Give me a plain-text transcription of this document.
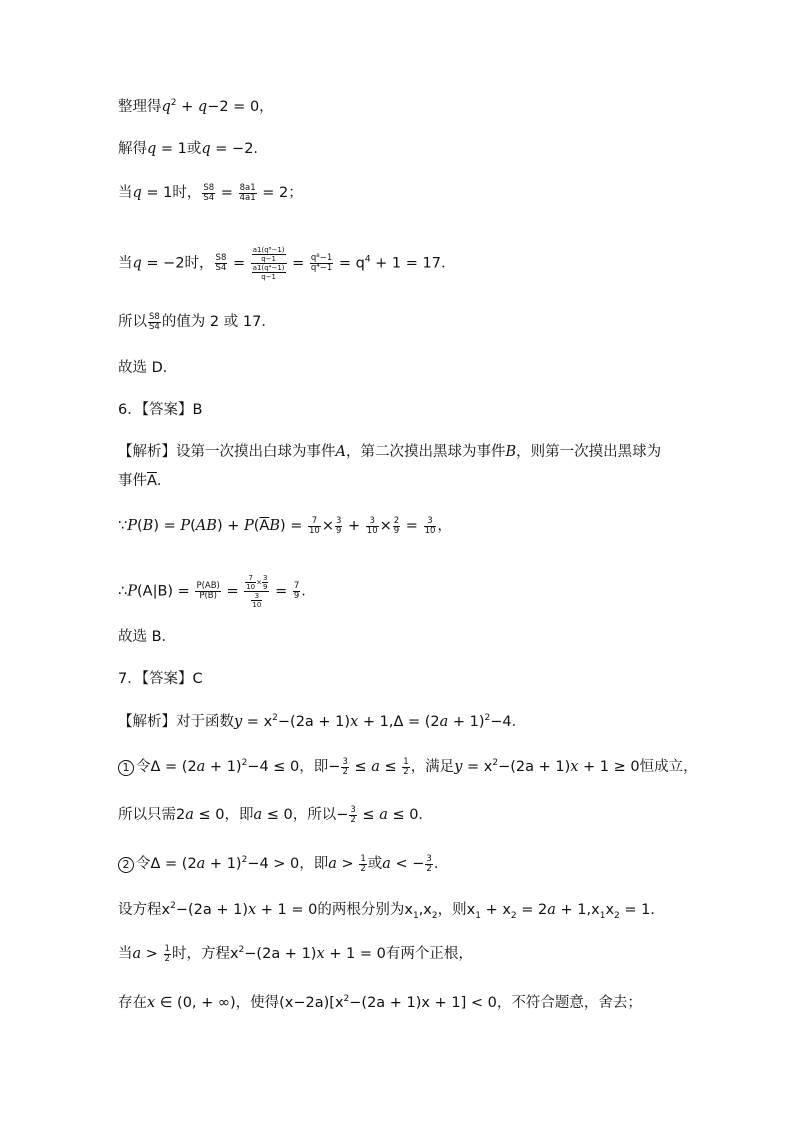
整理得$q^2 + q-2 = 0$，
解得q = 1或q = −2．
当q = 1时， $\frac{S8}{S4} = \frac{8a1}{4a1} = 2$；
当q = −2时， $\frac{S8}{S4} = \frac{\frac{\text{a1(q⁸−1)}}{q-1}}{\frac{\text{a1(q⁴−1)}}{q-1}} = \frac{\text{q⁸−1}}{\text{q⁴−1}} = q^4 + 1 = 17$．
所以 $\frac{S8}{S4}$ 的值为 2 或 17．
故选 D．
6．【答案】B
【解析】设第一次摸出白球为事件A，第二次摸出黑球为事件B，则第一次摸出黑球为
事件$\overline{A}$．
∵P(B) = $P(AB) + P(\overline{A}B) = \frac{7}{10} \times \frac{3}{9} + \frac{3}{10} \times \frac{2}{9} = \frac{3}{10}$ ，
∴P(A|B) = $\frac{P(AB)}{P(B)} = \frac{\frac{7}{10} \times \frac{3}{9}}{\frac{3}{10}} = \frac{7}{9}$ ．
故选 B．
7．【答案】C
【解析】对于函数$y = x^2-(2a + 1)x + 1,\Delta = (2a + 1)^2-4$．
1 令$\Delta = (2a + 1)^2-4 \le 0$，即− $\frac{3}{2} \le a \le \frac{1}{2}$ ，满足$y = x^2-(2a + 1)x + 1 \ge 0$恒成立，
所以只需2a ≤ 0，即a ≤ 0，所以− $\frac{3}{2} \le a \le 0$．
2 令$\Delta = (2a + 1)^2-4 > 0$，即$a > \frac{1}{2}$ 或a < − $\frac{3}{2}$ ．
设方程$x^2-(2a + 1)x + 1 = 0$的两根分别为$x_1,x_2$，则$x_1 + x_2 = 2a + 1,x_1x_2 = 1$．
当$a > \frac{1}{2}$ 时，方程$x^2-(2a + 1)x + 1 = 0$有两个正根，
存在x ∈ (0, + ∞)，使得$(x-2a)[x^2-(2a + 1)x + 1] < 0$，不符合题意，舍去；
